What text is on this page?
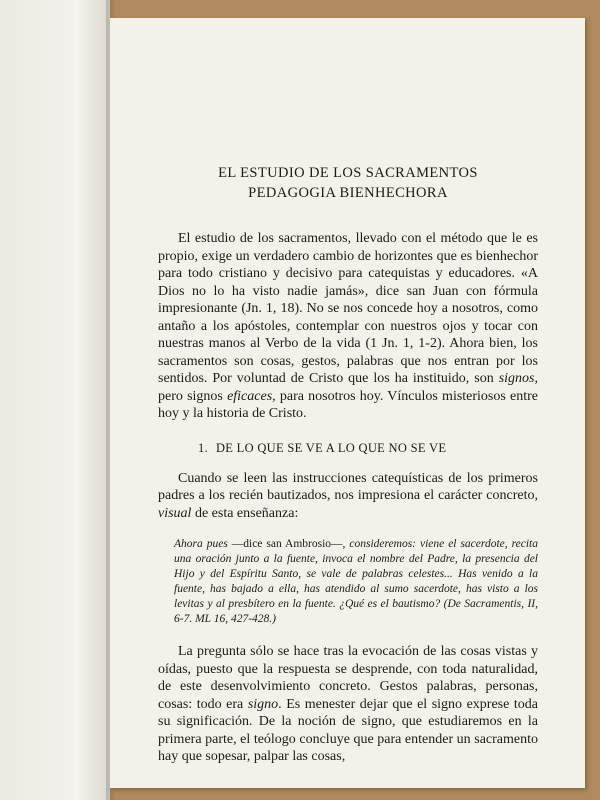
EL ESTUDIO DE LOS SACRAMENTOS

PEDAGOGIA BIENHECHORA

El estudio de los sacramentos, llevado con el método que le es propio, exige un verdadero cambio de horizontes que es bienhechor para todo cristiano y decisivo para catequistas y educadores. «A Dios no lo ha visto nadie jamás», dice san Juan con fórmula impresionante (Jn. 1, 18). No se nos concede hoy a nosotros, como antaño a los apóstoles, contemplar con nuestros ojos y tocar con nuestras manos al Verbo de la vida (1 Jn. 1, 1-2). Ahora bien, los sacramentos son cosas, gestos, palabras que nos entran por los sentidos. Por voluntad de Cristo que los ha instituido, son signos, pero signos eficaces, para nosotros hoy. Vínculos misteriosos entre hoy y la historia de Cristo.

1. DE LO QUE SE VE A LO QUE NO SE VE

Cuando se leen las instrucciones catequísticas de los primeros padres a los recién bautizados, nos impresiona el carácter concreto, visual de esta enseñanza:

Ahora pues —dice san Ambrosio—, consideremos: viene el sacerdote, recita una oración junto a la fuente, invoca el nombre del Padre, la presencia del Hijo y del Espíritu Santo, se vale de palabras celestes... Has venido a la fuente, has bajado a ella, has atendido al sumo sacerdote, has visto a los levitas y al presbítero en la fuente. ¿Qué es el bautismo? (De Sacramentis, II, 6-7. ML 16, 427-428.)

La pregunta sólo se hace tras la evocación de las cosas vistas y oídas, puesto que la respuesta se desprende, con toda naturalidad, de este desenvolvimiento concreto. Gestos palabras, personas, cosas: todo era signo. Es menester dejar que el signo exprese toda su significación. De la noción de signo, que estudiaremos en la primera parte, el teólogo concluye que para entender un sacramento hay que sopesar, palpar las cosas,
